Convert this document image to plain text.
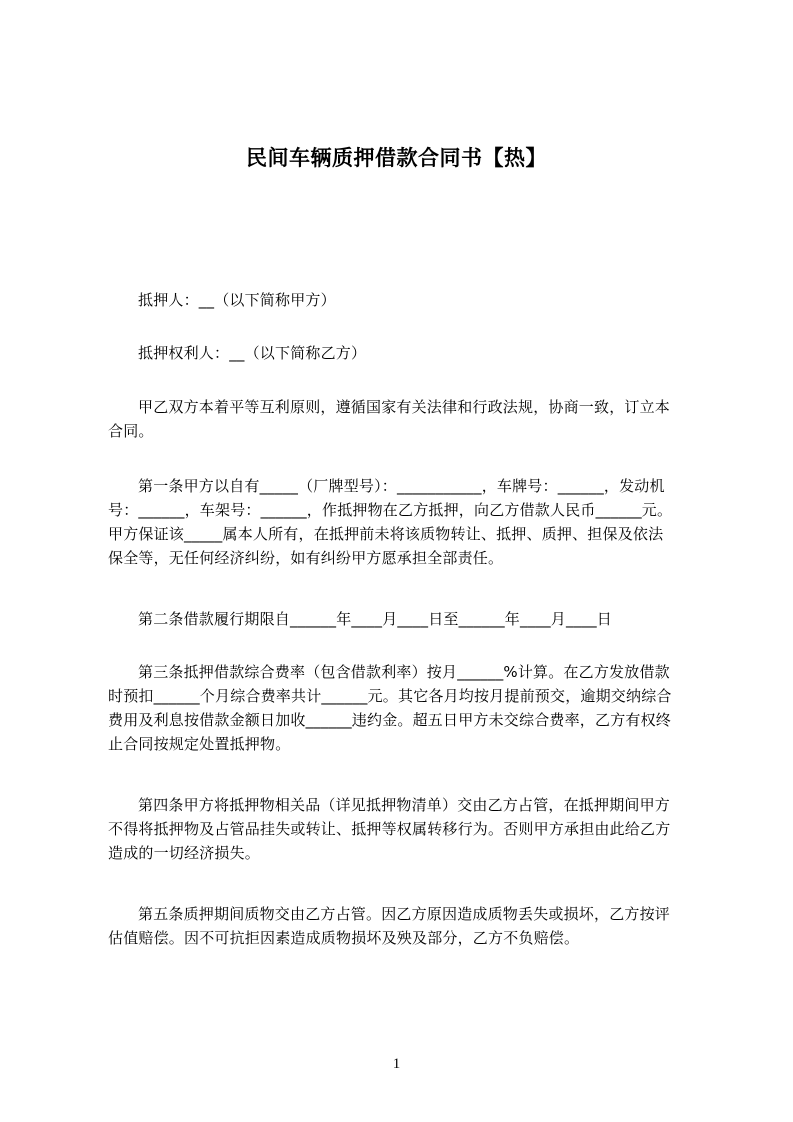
民间车辆质押借款合同书【热】
抵押人：__（以下简称甲方）
抵押权利人：__（以下简称乙方）
甲乙双方本着平等互利原则，遵循国家有关法律和行政法规，协商一致，订立本
合同。
第一条甲方以自有_____（厂牌型号）：___________，车牌号：______，发动机
号：______，车架号：______，作抵押物在乙方抵押，向乙方借款人民币______元。
甲方保证该_____属本人所有，在抵押前未将该质物转让、抵押、质押、担保及依法
保全等，无任何经济纠纷，如有纠纷甲方愿承担全部责任。
第二条借款履行期限自______年____月____日至______年____月____日
第三条抵押借款综合费率（包含借款利率）按月______%计算。在乙方发放借款
时预扣______个月综合费率共计______元。其它各月均按月提前预交，逾期交纳综合
费用及利息按借款金额日加收______违约金。超五日甲方未交综合费率，乙方有权终
止合同按规定处置抵押物。
第四条甲方将抵押物相关品（详见抵押物清单）交由乙方占管，在抵押期间甲方
不得将抵押物及占管品挂失或转让、抵押等权属转移行为。否则甲方承担由此给乙方
造成的一切经济损失。
第五条质押期间质物交由乙方占管。因乙方原因造成质物丢失或损坏，乙方按评
估值赔偿。因不可抗拒因素造成质物损坏及殃及部分，乙方不负赔偿。
1
